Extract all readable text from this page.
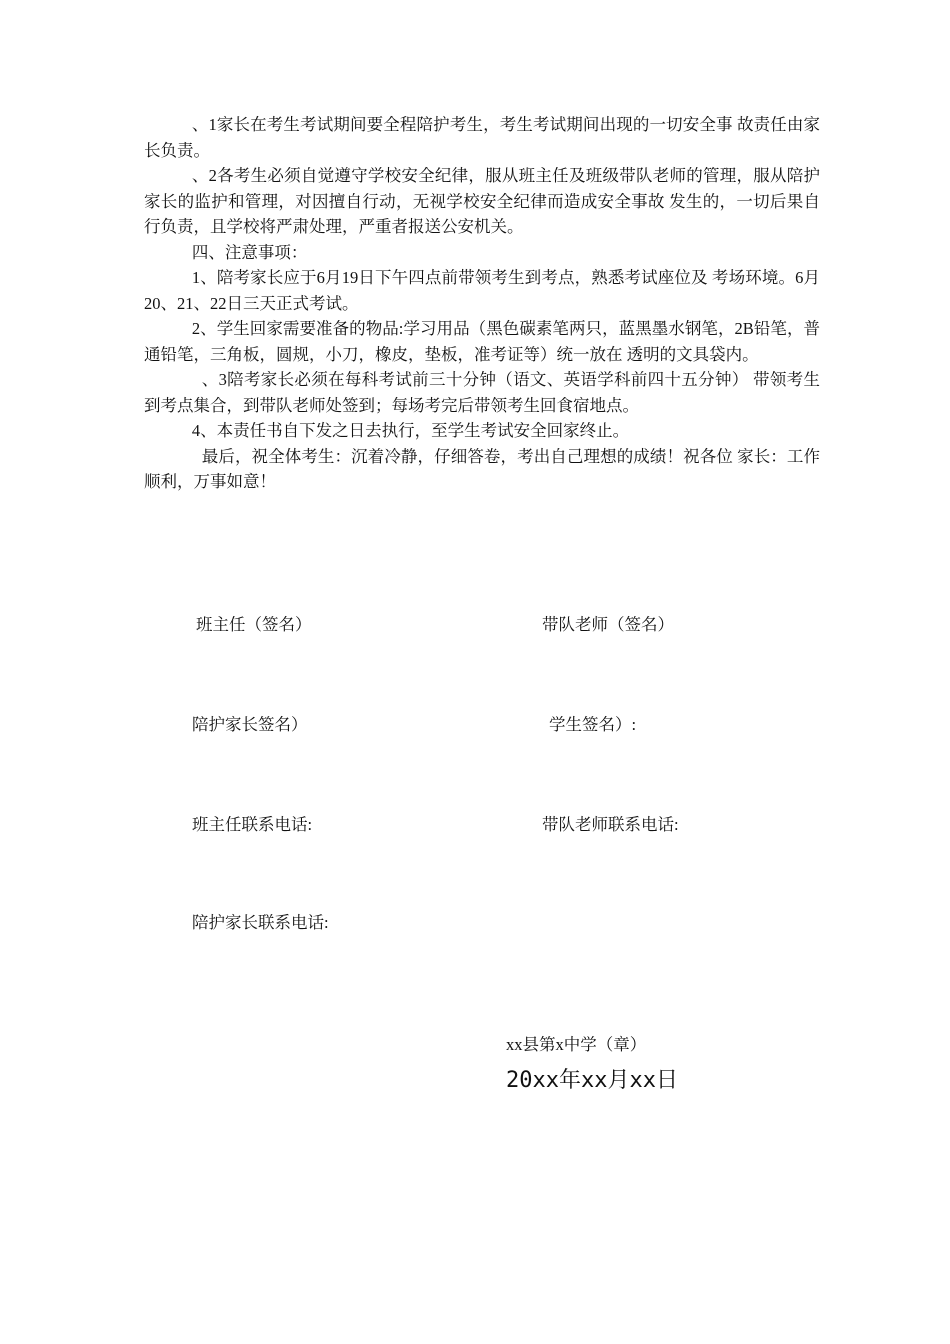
、1家长在考生考试期间要全程陪护考生，考生考试期间出现的一切安全事 故责任由家长负责。

、2各考生必须自觉遵守学校安全纪律，服从班主任及班级带队老师的管理，服从陪护家长的监护和管理，对因擅自行动，无视学校安全纪律而造成安全事故 发生的，一切后果自行负责，且学校将严肃处理，严重者报送公安机关。

四、注意事项：

1、陪考家长应于6月19日下午四点前带领考生到考点，熟悉考试座位及 考场环境。6月20、21、22日三天正式考试。

2、学生回家需要准备的物品:学习用品（黑色碳素笔两只，蓝黑墨水钢笔，2B铅笔，普通铅笔，三角板，圆规，小刀，橡皮，垫板，准考证等）统一放在 透明的文具袋内。

、3陪考家长必须在每科考试前三十分钟（语文、英语学科前四十五分钟） 带领考生到考点集合，到带队老师处签到；每场考完后带领考生回食宿地点。

4、本责任书自下发之日去执行，至学生考试安全回家终止。

最后，祝全体考生：沉着冷静，仔细答卷，考出自己理想的成绩！祝各位 家长：工作顺利，万事如意！

班主任（签名）	带队老师（签名）
陪护家长签名）	学生签名）:
班主任联系电话:	带队老师联系电话:
陪护家长联系电话:
xx县第x中学（章）
20xx年xx月xx日
